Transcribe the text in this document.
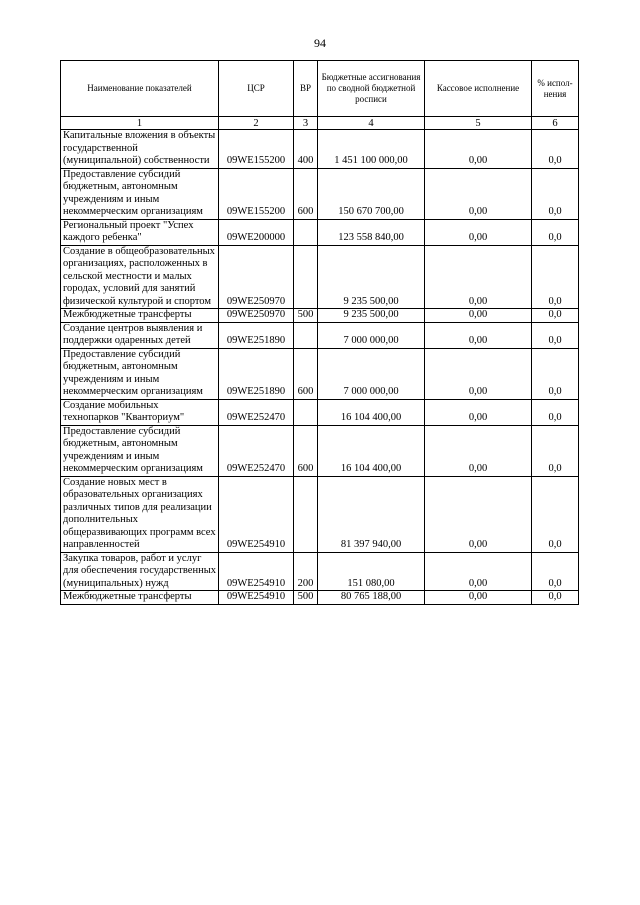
94
Наименование показателей	ЦСР	ВР	Бюджетные ассигнования по сводной бюджетной росписи	Кассовое исполнение	% испол- нения
1	2	3	4	5	6
Капитальные вложения в объекты государственной (муниципальной) собственности	09WE155200	400	1 451 100 000,00	0,00	0,0
Предоставление субсидий бюджетным, автономным учреждениям и иным некоммерческим организациям	09WE155200	600	150 670 700,00	0,00	0,0
Региональный проект "Успех каждого ребенка"	09WE200000		123 558 840,00	0,00	0,0
Создание в общеобразовательных организациях, расположенных в сельской местности и малых городах, условий для занятий физической культурой и спортом	09WE250970		9 235 500,00	0,00	0,0
Межбюджетные трансферты	09WE250970	500	9 235 500,00	0,00	0,0
Создание центров выявления и поддержки одаренных детей	09WE251890		7 000 000,00	0,00	0,0
Предоставление субсидий бюджетным, автономным учреждениям и иным некоммерческим организациям	09WE251890	600	7 000 000,00	0,00	0,0
Создание мобильных технопарков "Кванториум"	09WE252470		16 104 400,00	0,00	0,0
Предоставление субсидий бюджетным, автономным учреждениям и иным некоммерческим организациям	09WE252470	600	16 104 400,00	0,00	0,0
Создание новых мест в образовательных организациях различных типов для реализации дополнительных общеразвивающих программ всех направленностей	09WE254910		81 397 940,00	0,00	0,0
Закупка товаров, работ и услуг для обеспечения государственных (муниципальных) нужд	09WE254910	200	151 080,00	0,00	0,0
Межбюджетные трансферты	09WE254910	500	80 765 188,00	0,00	0,0
